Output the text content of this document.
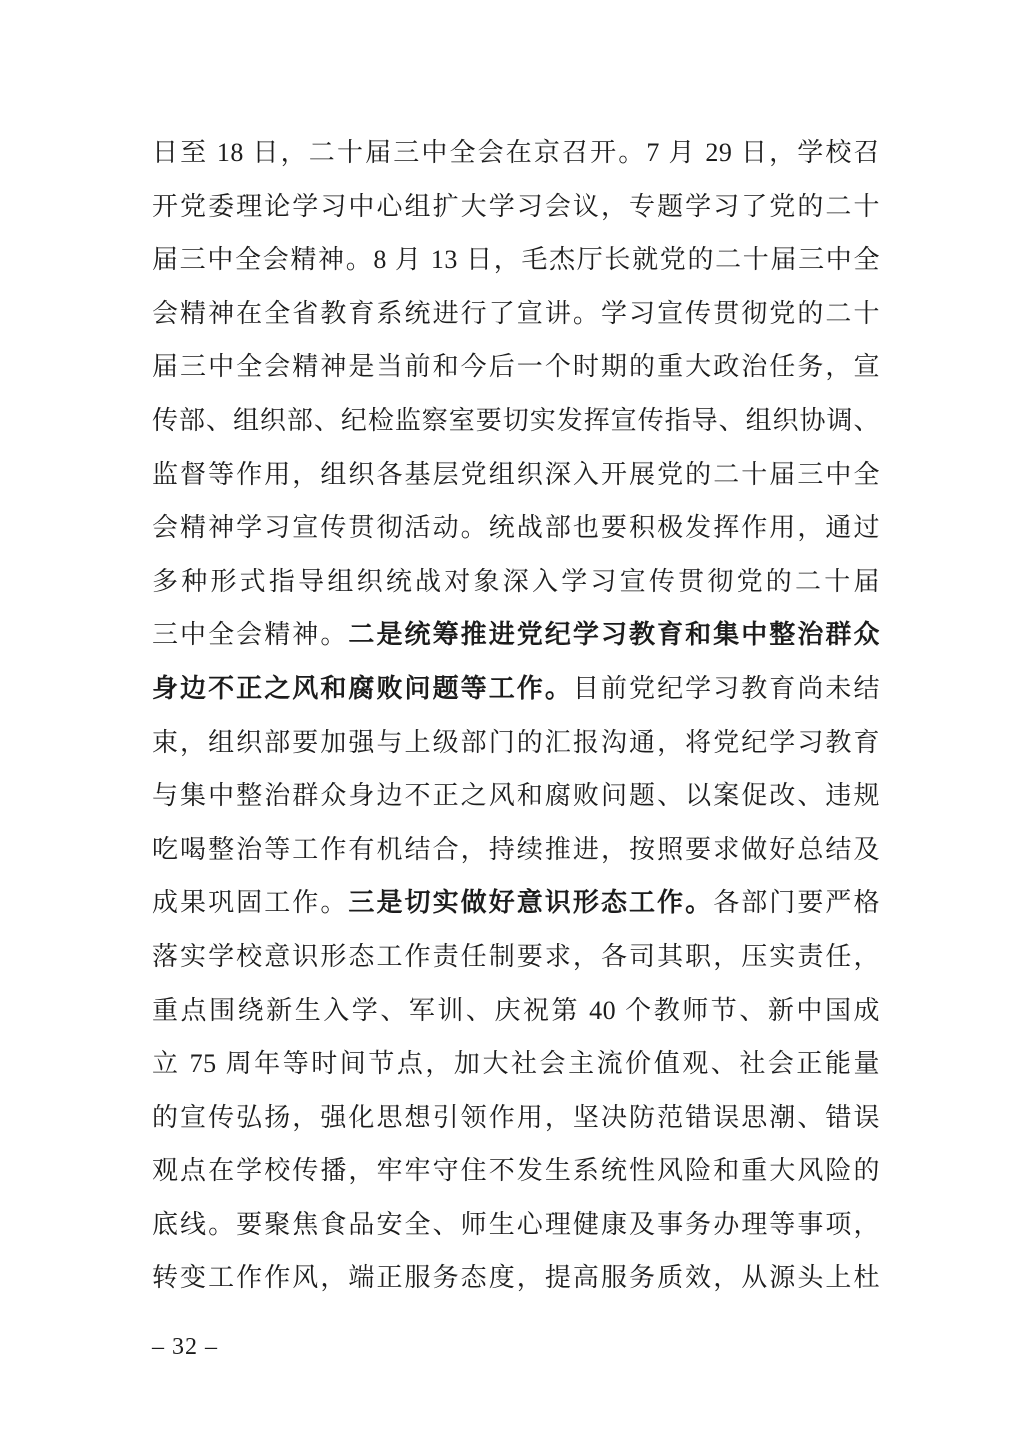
日至 18 日，二十届三中全会在京召开。7 月 29 日，学校召
开党委理论学习中心组扩大学习会议，专题学习了党的二十
届三中全会精神。8 月 13 日，毛杰厅长就党的二十届三中全
会精神在全省教育系统进行了宣讲。学习宣传贯彻党的二十
届三中全会精神是当前和今后一个时期的重大政治任务，宣
传部、组织部、纪检监察室要切实发挥宣传指导、组织协调、
监督等作用，组织各基层党组织深入开展党的二十届三中全
会精神学习宣传贯彻活动。统战部也要积极发挥作用，通过
多种形式指导组织统战对象深入学习宣传贯彻党的二十届
三中全会精神。二是统筹推进党纪学习教育和集中整治群众
身边不正之风和腐败问题等工作。目前党纪学习教育尚未结
束，组织部要加强与上级部门的汇报沟通，将党纪学习教育
与集中整治群众身边不正之风和腐败问题、以案促改、违规
吃喝整治等工作有机结合，持续推进，按照要求做好总结及
成果巩固工作。三是切实做好意识形态工作。各部门要严格
落实学校意识形态工作责任制要求，各司其职，压实责任，
重点围绕新生入学、军训、庆祝第 40 个教师节、新中国成
立 75 周年等时间节点，加大社会主流价值观、社会正能量
的宣传弘扬，强化思想引领作用，坚决防范错误思潮、错误
观点在学校传播，牢牢守住不发生系统性风险和重大风险的
底线。要聚焦食品安全、师生心理健康及事务办理等事项，
转变工作作风，端正服务态度，提高服务质效，从源头上杜
– 32 –
